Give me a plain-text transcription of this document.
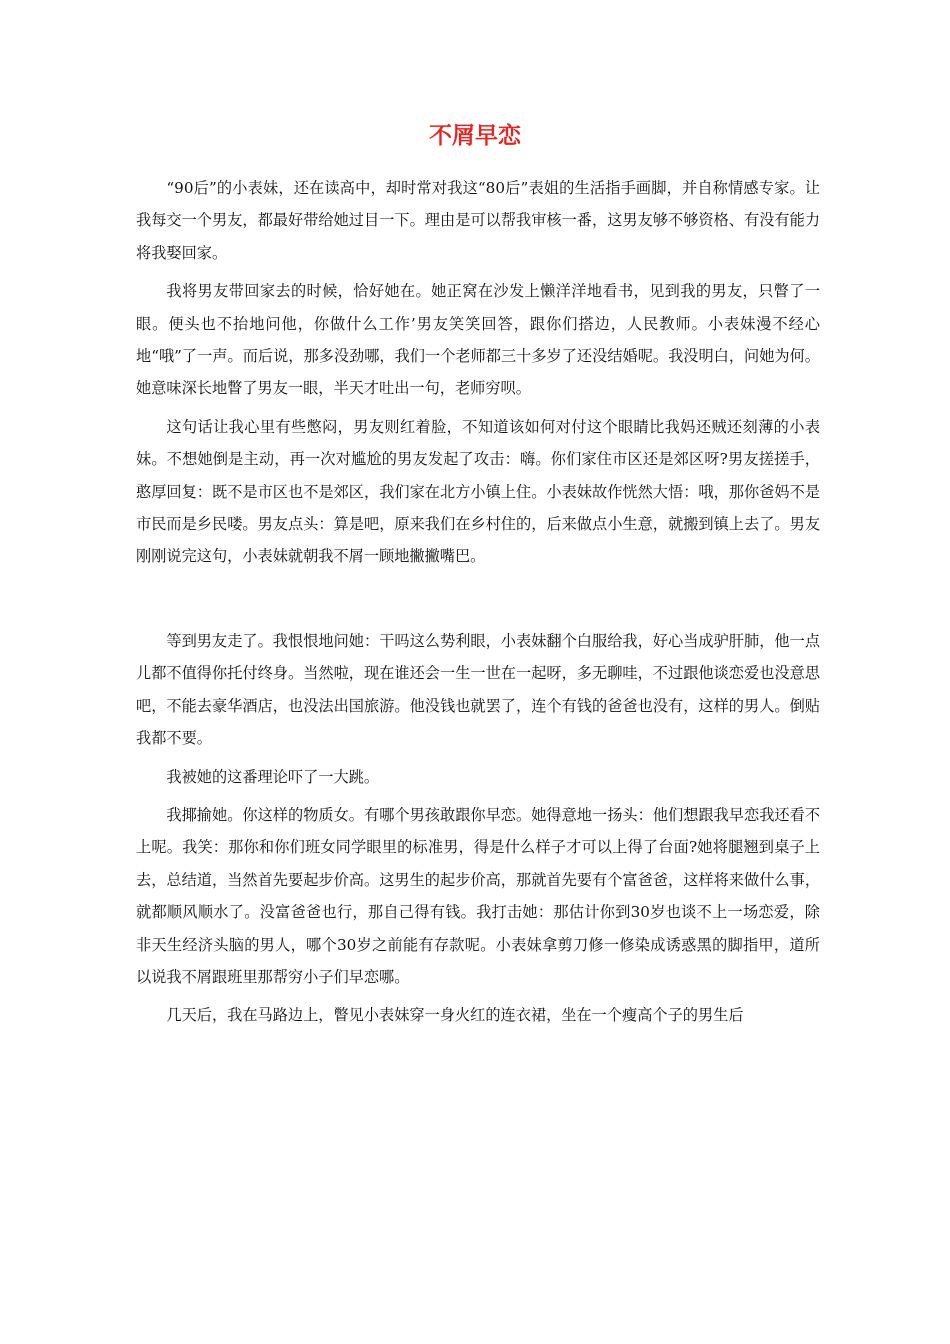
不屑早恋

“90后”的小表妹，还在读高中，却时常对我这“80后”表姐的生活指手画脚，并自称情感专家。让我每交一个男友，都最好带给她过目一下。理由是可以帮我审核一番，这男友够不够资格、有没有能力将我娶回家。

我将男友带回家去的时候，恰好她在。她正窝在沙发上懒洋洋地看书，见到我的男友，只瞥了一眼。便头也不抬地问他，你做什么工作’男友笑笑回答，跟你们搭边，人民教师。小表妹漫不经心地“哦”了一声。而后说，那多没劲哪，我们一个老师都三十多岁了还没结婚呢。我没明白，问她为何。她意味深长地瞥了男友一眼，半天才吐出一句，老师穷呗。

这句话让我心里有些憋闷，男友则红着脸，不知道该如何对付这个眼睛比我妈还贼还刻薄的小表妹。不想她倒是主动，再一次对尴尬的男友发起了攻击：嗨。你们家住市区还是郊区呀?男友搓搓手，憨厚回复：既不是市区也不是郊区，我们家在北方小镇上住。小表妹故作恍然大悟：哦，那你爸妈不是市民而是乡民喽。男友点头：算是吧，原来我们在乡村住的，后来做点小生意，就搬到镇上去了。男友刚刚说完这句，小表妹就朝我不屑一顾地撇撇嘴巴。

等到男友走了。我恨恨地问她：干吗这么势利眼，小表妹翻个白服给我，好心当成驴肝肺，他一点儿都不值得你托付终身。当然啦，现在谁还会一生一世在一起呀，多无聊哇，不过跟他谈恋爱也没意思吧，不能去豪华酒店，也没法出国旅游。他没钱也就罢了，连个有钱的爸爸也没有，这样的男人。倒贴我都不要。

我被她的这番理论吓了一大跳。

我揶揄她。你这样的物质女。有哪个男孩敢跟你早恋。她得意地一扬头：他们想跟我早恋我还看不上呢。我笑：那你和你们班女同学眼里的标准男，得是什么样子才可以上得了台面?她将腿翘到桌子上去，总结道，当然首先要起步价高。这男生的起步价高，那就首先要有个富爸爸，这样将来做什么事，就都顺风顺水了。没富爸爸也行，那自己得有钱。我打击她：那估计你到30岁也谈不上一场恋爱，除非天生经济头脑的男人，哪个30岁之前能有存款呢。小表妹拿剪刀修一修染成诱惑黑的脚指甲，道所以说我不屑跟班里那帮穷小子们早恋哪。

几天后，我在马路边上，瞥见小表妹穿一身火红的连衣裙，坐在一个瘦高个子的男生后
